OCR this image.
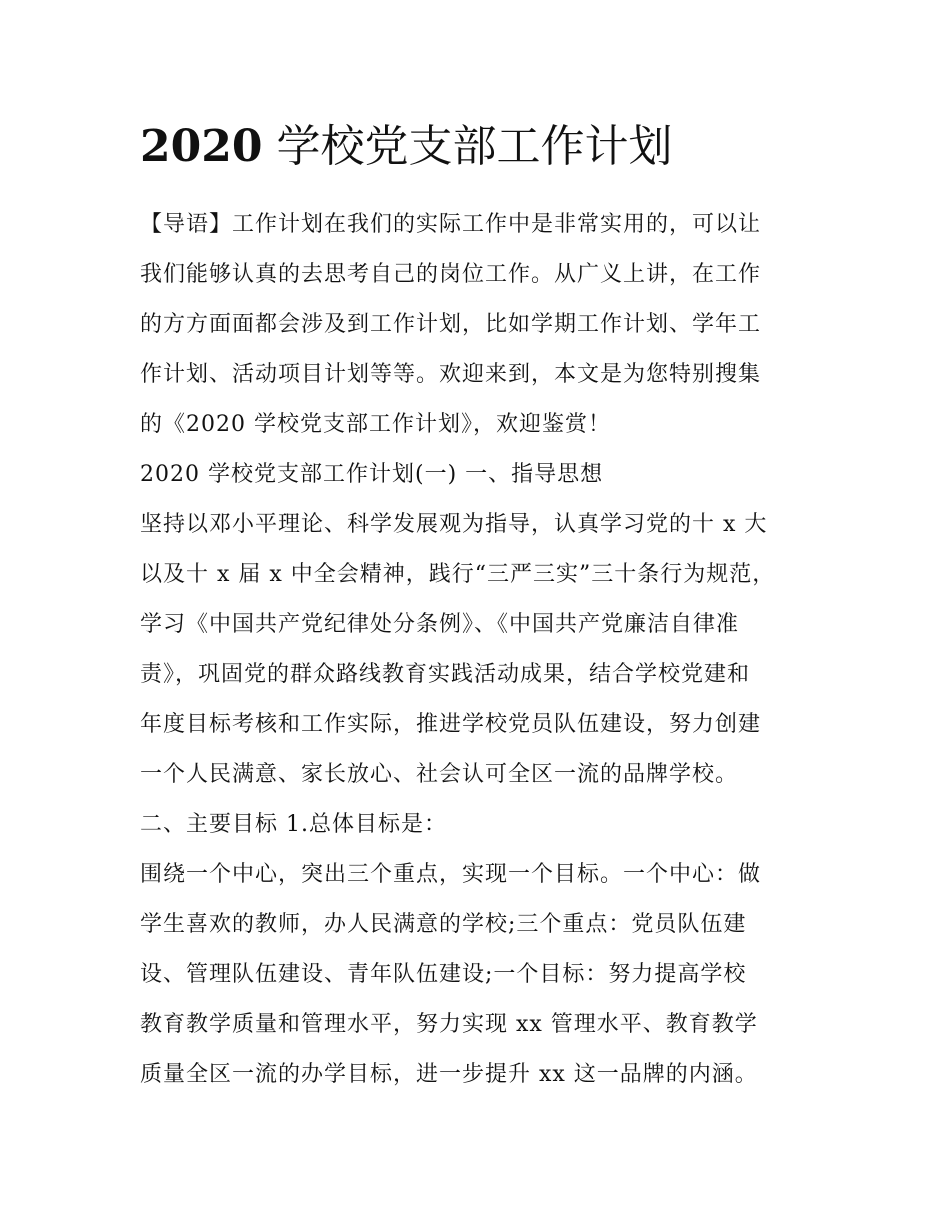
2020 学校党支部工作计划
【导语】工作计划在我们的实际工作中是非常实用的，可以让
我们能够认真的去思考自己的岗位工作。从广义上讲，在工作
的方方面面都会涉及到工作计划，比如学期工作计划、学年工
作计划、活动项目计划等等。欢迎来到，本文是为您特别搜集
的《2020 学校党支部工作计划》，欢迎鉴赏！
2020 学校党支部工作计划(一) 一、指导思想
坚持以邓小平理论、科学发展观为指导，认真学习党的十 x 大
以及十 x 届 x 中全会精神，践行“三严三实”三十条行为规范，
学习《中国共产党纪律处分条例》、《中国共产党廉洁自律准
责》，巩固党的群众路线教育实践活动成果，结合学校党建和
年度目标考核和工作实际，推进学校党员队伍建设，努力创建
一个人民满意、家长放心、社会认可全区一流的品牌学校。
二、主要目标 1.总体目标是：
围绕一个中心，突出三个重点，实现一个目标。一个中心：做
学生喜欢的教师，办人民满意的学校;三个重点：党员队伍建
设、管理队伍建设、青年队伍建设;一个目标：努力提高学校
教育教学质量和管理水平，努力实现 xx 管理水平、教育教学
质量全区一流的办学目标，进一步提升 xx 这一品牌的内涵。
